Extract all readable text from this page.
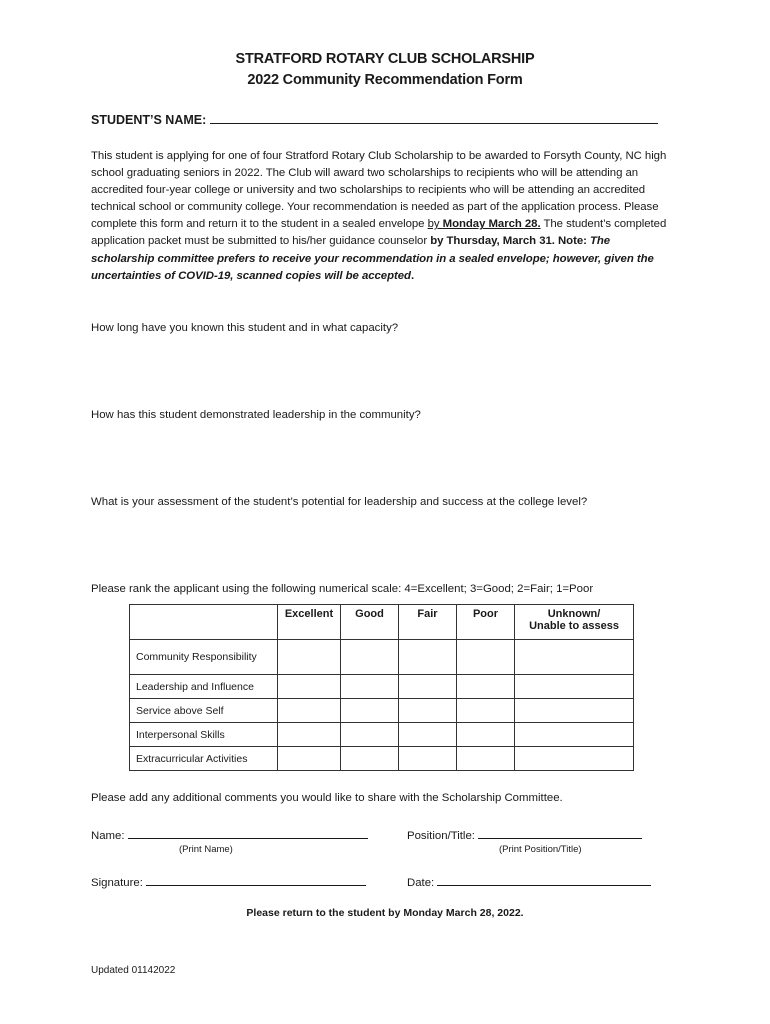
STRATFORD ROTARY CLUB SCHOLARSHIP
2022 Community Recommendation Form
STUDENT’S NAME:
This student is applying for one of four Stratford Rotary Club Scholarship to be awarded to Forsyth County, NC high school graduating seniors in 2022. The Club will award two scholarships to recipients who will be attending an accredited four-year college or university and two scholarships to recipients who will be attending an accredited technical school or community college. Your recommendation is needed as part of the application process. Please complete this form and return it to the student in a sealed envelope by Monday March 28. The student’s completed application packet must be submitted to his/her guidance counselor by Thursday, March 31. Note: The scholarship committee prefers to receive your recommendation in a sealed envelope; however, given the uncertainties of COVID-19, scanned copies will be accepted.
How long have you known this student and in what capacity?
How has this student demonstrated leadership in the community?
What is your assessment of the student’s potential for leadership and success at the college level?
Please rank the applicant using the following numerical scale: 4=Excellent; 3=Good; 2=Fair; 1=Poor
	Excellent	Good	Fair	Poor	Unknown/
Unable to assess
Community Responsibility					
Leadership and Influence					
Service above Self					
Interpersonal Skills					
Extracurricular Activities					
Please add any additional comments you would like to share with the Scholarship Committee.
Name:
(Print Name)
Position/Title:
(Print Position/Title)
Signature:	Date:
Please return to the student by Monday March 28, 2022.
Updated 01142022
